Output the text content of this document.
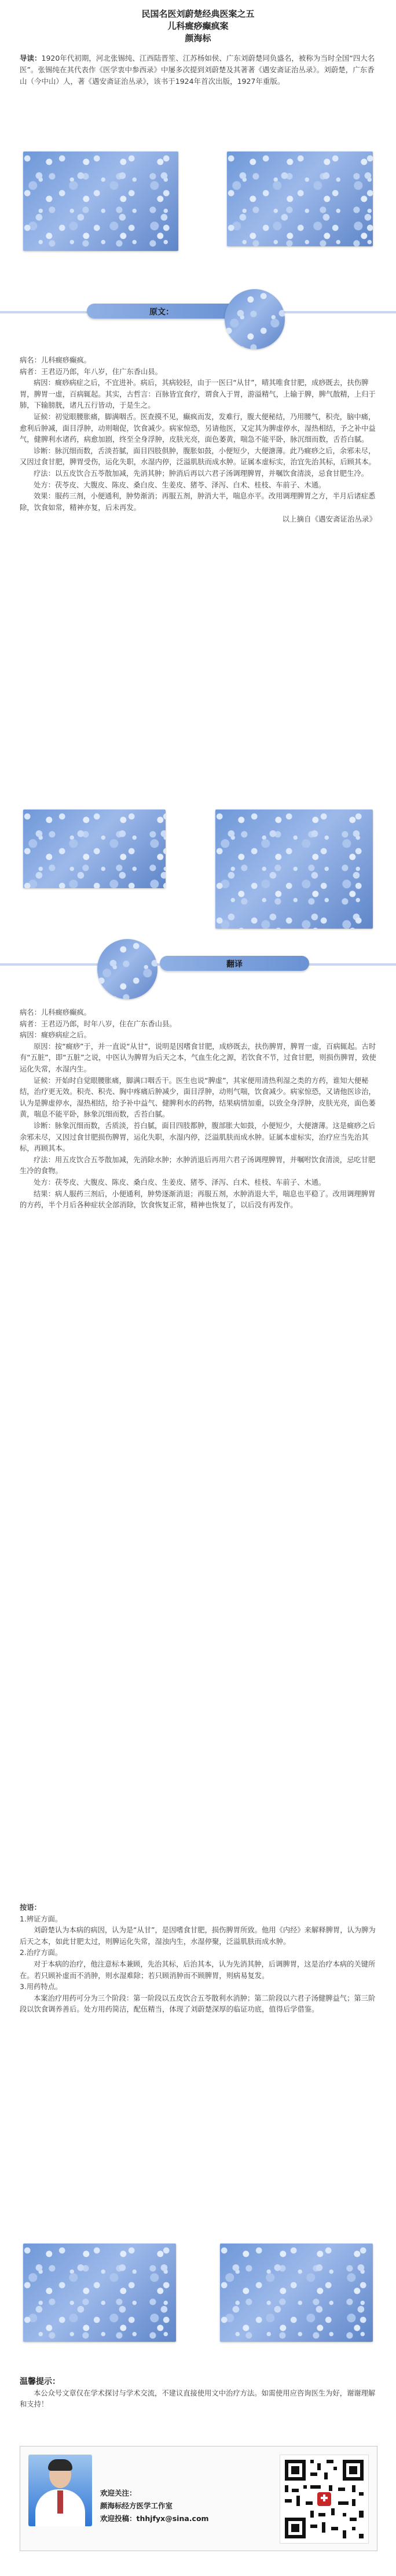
民国名医刘蔚楚经典医案之五
儿科癍痧癫疯案
颜海标
导读：1920年代初期，河北张锡纯、江西陆晋笙、江苏杨如侯、广东刘蔚楚同负盛名，被称为当时全国“四大名医”。张锡纯在其代表作《医学衷中参西录》中屡多次提到刘蔚楚及其著著《遇安斋证治丛录》。刘蔚楚，广东香山（今中山）人，著《遇安斋证治丛录》，该书于1924年首次出版，1927年重版。
原文：

病名：儿科癍痧癫疯。

病者：王君迈乃郎，年八岁，住广东香山县。

病因：癍痧病症之后，不宜进补。病后，其病较轻，由于一医曰“从甘”，晴其唯食甘肥，成痧既去，扶伤脾胃，脾胃一虚，百病辄起。其实，古哲言：百脉皆宜食疗，谓食入于胃，游溢精气，上输于脾，脾气散精，上归于肺，下输膀胱，诸凡五行皆动，于是生之。

证候：初觉眼腰胀痛，脚满咽舌。医查摸不见，癫疯而发，发难行，腹大便秘结，乃用腰气，积壳，脑中痛，愈利后肿减，面目浮肿，动则喘促，饮食减少。病家惊恐，另请他医，又定其为脾虚停水，湿热相结，予之补中益气，健脾利水诸药，病愈加剧，终至全身浮肿，皮肤光亮，面色萎黄，喘急不能平卧，脉沉细而数，舌苔白腻。

诊断：脉沉细而数，舌淡苔腻，面目四肢俱肿，腹胀如鼓，小便短少，大便溏薄。此乃癍痧之后，余邪未尽，又因过食甘肥，脾胃受伤，运化失职，水湿内停，泛溢肌肤而成水肿。证属本虚标实，治宜先治其标，后顾其本。

疗法：以五皮饮合五苓散加减，先消其肿；肿消后再以六君子汤调理脾胃，并嘱饮食清淡，忌食甘肥生冷。

处方：茯苓皮、大腹皮、陈皮、桑白皮、生姜皮、猪苓、泽泻、白术、桂枝、车前子、木通。

效果：服药三剂，小便通利，肿势渐消；再服五剂，肿消大半，喘息亦平。改用调理脾胃之方，半月后诸症悉除，饮食如常，精神亦复，后未再发。

以上摘自《遇安斋证治丛录》

翻译

病名：儿科癍痧癫疯。

病者：王君迈乃郎，时年八岁，住在广东香山县。

病因：癍痧病症之后。

原因：按“癍痧”于，并一直说“从甘”，说明是因嗜食甘肥，成痧既去，扶伤脾胃，脾胃一虚，百病辄起。古时有“五脏”，即“五脏”之说，中医认为脾胃为后天之本，气血生化之源，若饮食不节，过食甘肥，则损伤脾胃，致使运化失常，水湿内生。

证候：开始时自觉眼腰胀痛，脚满口咽舌干。医生也说“脾虚”，其家便用清热利湿之类的方药，谁知大便秘结，治疗更无效。积壳、积壳、胸中疼痛后肿减少，面目浮肿，动则气喘，饮食减少。病家惊恐，又请他医诊治，认为是脾虚停水，湿热相结，给予补中益气、健脾利水的药物，结果病情加重，以致全身浮肿，皮肤光亮，面色萎黄，喘息不能平卧，脉象沉细而数，舌苔白腻。

诊断：脉象沉细而数，舌质淡，苔白腻，面目四肢都肿，腹部胀大如鼓，小便短少，大便溏薄。这是癍痧之后余邪未尽，又因过食甘肥损伤脾胃，运化失职，水湿内停，泛溢肌肤而成水肿。证属本虚标实，治疗应当先治其标，再顾其本。

疗法：用五皮饮合五苓散加减，先消除水肿；水肿消退后再用六君子汤调理脾胃，并嘱咐饮食清淡，忌吃甘肥生冷的食物。

处方：茯苓皮、大腹皮、陈皮、桑白皮、生姜皮、猪苓、泽泻、白术、桂枝、车前子、木通。

结果：病人服药三剂后，小便通利，肿势逐渐消退；再服五剂，水肿消退大半，喘息也平稳了。改用调理脾胃的方药，半个月后各种症状全部消除，饮食恢复正常，精神也恢复了，以后没有再发作。

按语：

1.辨证方面。

刘蔚楚认为本病的病因，认为是“从甘”，是因嗜食甘肥，损伤脾胃所致。他用《内经》来解释脾胃，认为脾为后天之本，如此甘肥太过，则脾运化失常，湿浊内生，水湿停聚，泛溢肌肤而成水肿。

2.治疗方面。

对于本病的治疗，他注意标本兼顾，先治其标，后治其本，认为先消其肿，后调脾胃，这是治疗本病的关键所在。若只顾补虚而不消肿，则水湿难除；若只顾消肿而不顾脾胃，则病易复发。

3.用药特点。

本案治疗用药可分为三个阶段：第一阶段以五皮饮合五苓散利水消肿；第二阶段以六君子汤健脾益气；第三阶段以饮食调养善后。处方用药简洁，配伍精当，体现了刘蔚楚深厚的临证功底，值得后学借鉴。

温馨提示：

本公众号文章仅在学术探讨与学术交流，不建议直接使用文中治疗方法。如需使用应咨询医生为好，谢谢理解和支持！

欢迎关注：
颜海标经方医学工作室
欢迎投稿：thhjfyx@sina.com
